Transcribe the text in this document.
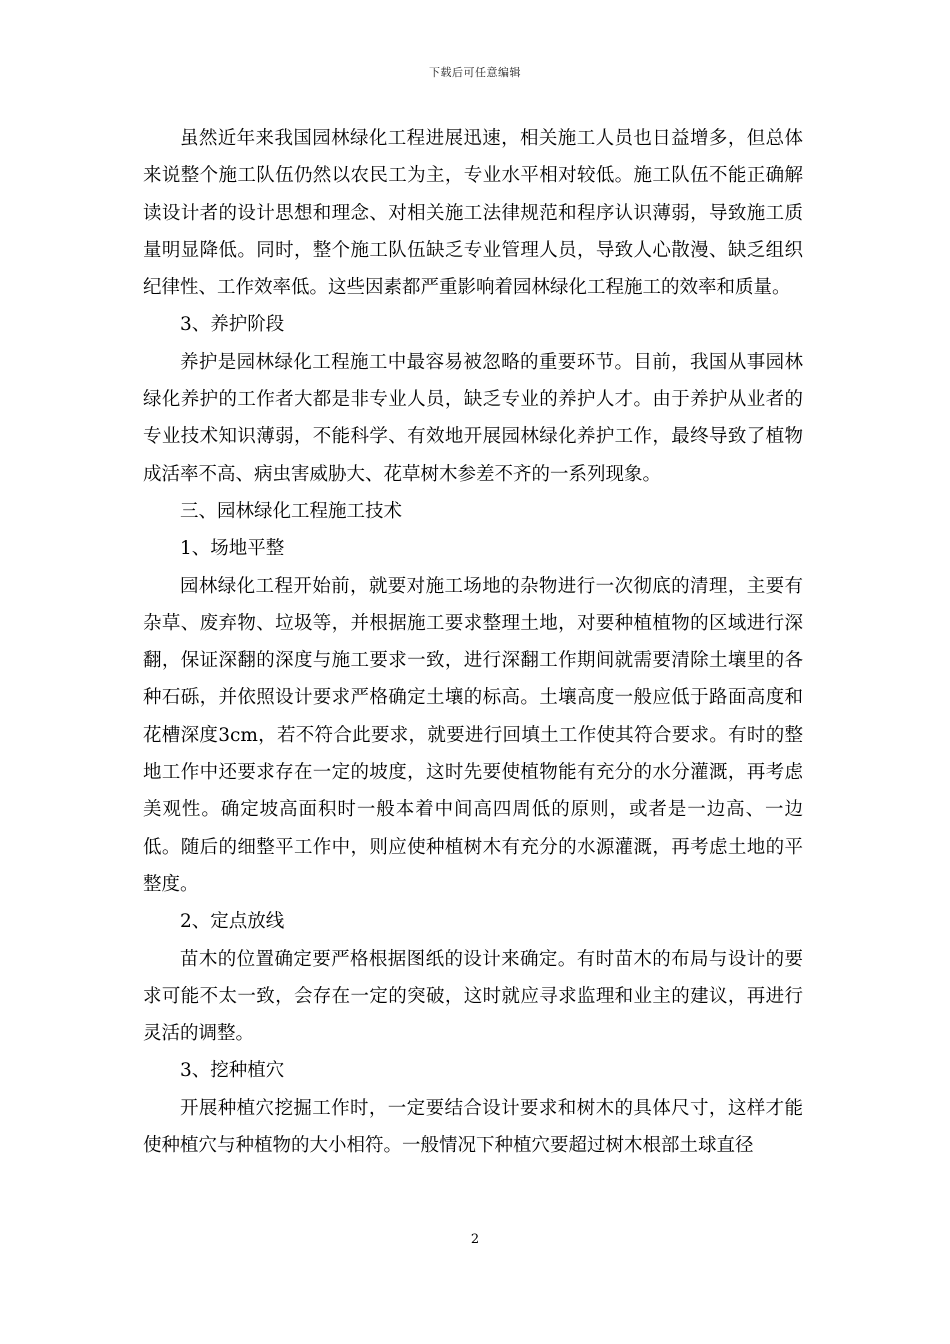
下载后可任意编辑

虽然近年来我国园林绿化工程进展迅速，相关施工人员也日益增多，但总体来说整个施工队伍仍然以农民工为主，专业水平相对较低。施工队伍不能正确解读设计者的设计思想和理念、对相关施工法律规范和程序认识薄弱，导致施工质量明显降低。同时，整个施工队伍缺乏专业管理人员，导致人心散漫、缺乏组织纪律性、工作效率低。这些因素都严重影响着园林绿化工程施工的效率和质量。

3、养护阶段

养护是园林绿化工程施工中最容易被忽略的重要环节。目前，我国从事园林绿化养护的工作者大都是非专业人员，缺乏专业的养护人才。由于养护从业者的专业技术知识薄弱，不能科学、有效地开展园林绿化养护工作，最终导致了植物成活率不高、病虫害威胁大、花草树木参差不齐的一系列现象。

三、园林绿化工程施工技术

1、场地平整

园林绿化工程开始前，就要对施工场地的杂物进行一次彻底的清理，主要有杂草、废弃物、垃圾等，并根据施工要求整理土地，对要种植植物的区域进行深翻，保证深翻的深度与施工要求一致，进行深翻工作期间就需要清除土壤里的各种石砾，并依照设计要求严格确定土壤的标高。土壤高度一般应低于路面高度和花槽深度3cm，若不符合此要求，就要进行回填土工作使其符合要求。有时的整地工作中还要求存在一定的坡度，这时先要使植物能有充分的水分灌溉，再考虑美观性。确定坡高面积时一般本着中间高四周低的原则，或者是一边高、一边低。随后的细整平工作中，则应使种植树木有充分的水源灌溉，再考虑土地的平整度。

2、定点放线

苗木的位置确定要严格根据图纸的设计来确定。有时苗木的布局与设计的要求可能不太一致，会存在一定的突破，这时就应寻求监理和业主的建议，再进行灵活的调整。

3、挖种植穴

开展种植穴挖掘工作时，一定要结合设计要求和树木的具体尺寸，这样才能使种植穴与种植物的大小相符。一般情况下种植穴要超过树木根部土球直径

2
